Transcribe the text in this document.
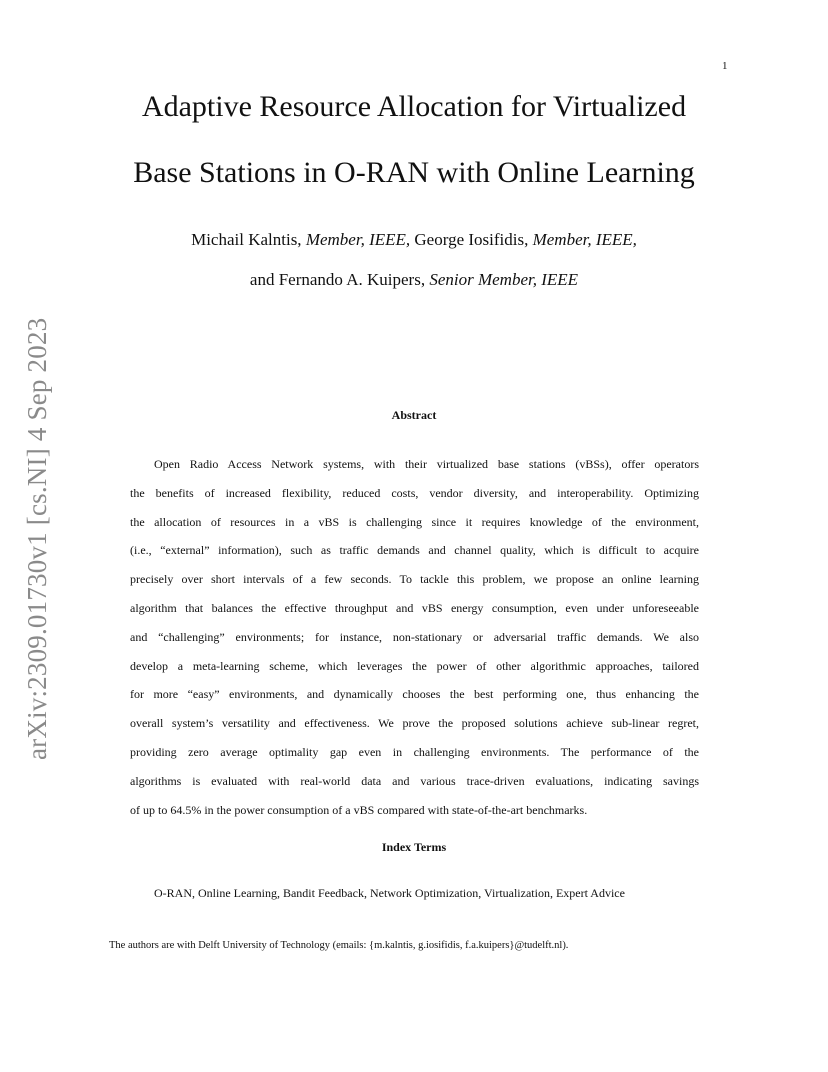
1
arXiv:2309.01730v1 [cs.NI] 4 Sep 2023
Adaptive Resource Allocation for Virtualized
Base Stations in O-RAN with Online Learning
Michail Kalntis, Member, IEEE, George Iosifidis, Member, IEEE,
and Fernando A. Kuipers, Senior Member, IEEE
Abstract
Open Radio Access Network systems, with their virtualized base stations (vBSs), offer operators
the benefits of increased flexibility, reduced costs, vendor diversity, and interoperability. Optimizing
the allocation of resources in a vBS is challenging since it requires knowledge of the environment,
(i.e., “external” information), such as traffic demands and channel quality, which is difficult to acquire
precisely over short intervals of a few seconds. To tackle this problem, we propose an online learning
algorithm that balances the effective throughput and vBS energy consumption, even under unforeseeable
and “challenging” environments; for instance, non-stationary or adversarial traffic demands. We also
develop a meta-learning scheme, which leverages the power of other algorithmic approaches, tailored
for more “easy” environments, and dynamically chooses the best performing one, thus enhancing the
overall system’s versatility and effectiveness. We prove the proposed solutions achieve sub-linear regret,
providing zero average optimality gap even in challenging environments. The performance of the
algorithms is evaluated with real-world data and various trace-driven evaluations, indicating savings
of up to 64.5% in the power consumption of a vBS compared with state-of-the-art benchmarks.
Index Terms
O-RAN, Online Learning, Bandit Feedback, Network Optimization, Virtualization, Expert Advice
The authors are with Delft University of Technology (emails: {m.kalntis, g.iosifidis, f.a.kuipers}@tudelft.nl).
